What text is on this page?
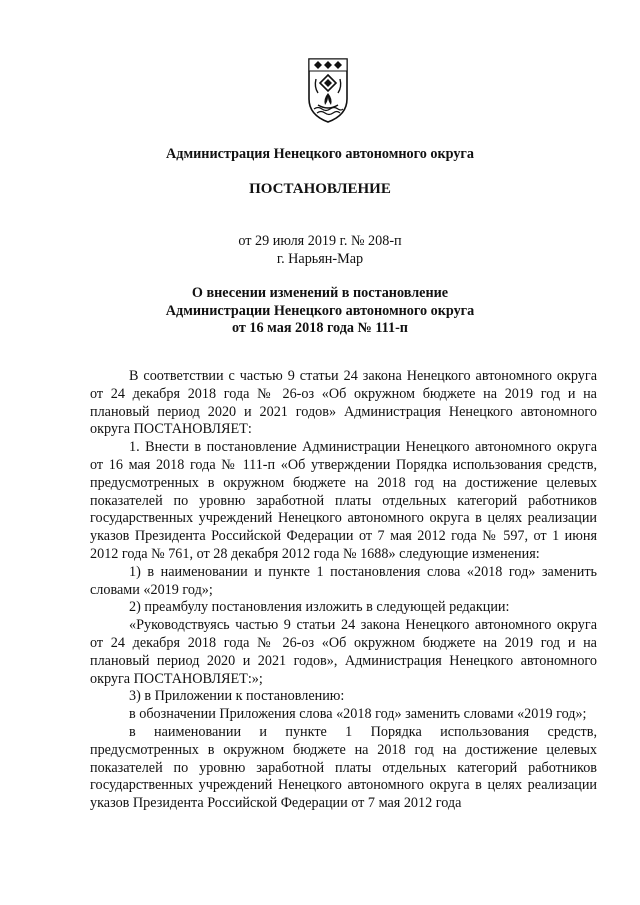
Администрация Ненецкого автономного округа
ПОСТАНОВЛЕНИЕ
от 29 июля 2019 г. № 208-п
г. Нарьян-Мар
О внесении изменений в постановление
Администрации Ненецкого автономного округа
от 16 мая 2018 года № 111-п

В соответствии с частью 9 статьи 24 закона Ненецкого автономного округа от 24 декабря 2018 года № 26-оз «Об окружном бюджете на 2019 год и на плановый период 2020 и 2021 годов» Администрация Ненецкого автономного округа ПОСТАНОВЛЯЕТ:

1. Внести в постановление Администрации Ненецкого автономного округа от 16 мая 2018 года № 111-п «Об утверждении Порядка использования средств, предусмотренных в окружном бюджете на 2018 год на достижение целевых показателей по уровню заработной платы отдельных категорий работников государственных учреждений Ненецкого автономного округа в целях реализации указов Президента Российской Федерации от 7 мая 2012 года № 597, от 1 июня 2012 года № 761, от 28 декабря 2012 года № 1688» следующие изменения:

1) в наименовании и пункте 1 постановления слова «2018 год» заменить словами «2019 год»;

2) преамбулу постановления изложить в следующей редакции:

«Руководствуясь частью 9 статьи 24 закона Ненецкого автономного округа от 24 декабря 2018 года № 26-оз «Об окружном бюджете на 2019 год и на плановый период 2020 и 2021 годов», Администрация Ненецкого автономного округа ПОСТАНОВЛЯЕТ:»;

3) в Приложении к постановлению:

в обозначении Приложения слова «2018 год» заменить словами «2019 год»;

в наименовании и пункте 1 Порядка использования средств, предусмотренных в окружном бюджете на 2018 год на достижение целевых показателей по уровню заработной платы отдельных категорий работников государственных учреждений Ненецкого автономного округа в целях реализации указов Президента Российской Федерации от 7 мая 2012 года
